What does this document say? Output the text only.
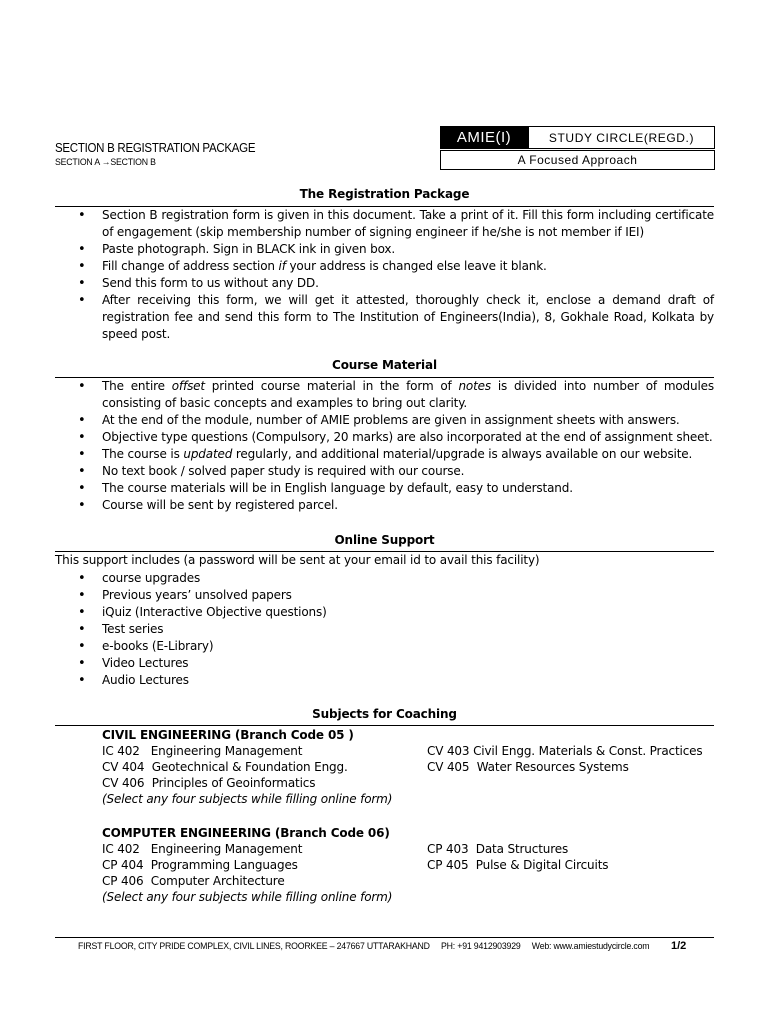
SECTION B REGISTRATION PACKAGE
SECTION A →SECTION B
AMIE(I)	STUDY CIRCLE(REGD.)
A Focused Approach
The Registration Package
• Section B registration form is given in this document. Take a print of it. Fill this form including certificate of engagement (skip membership number of signing engineer if he/she is not member if IEI)
• Paste photograph. Sign in BLACK ink in given box.
• Fill change of address section if your address is changed else leave it blank.
• Send this form to us without any DD.
• After receiving this form, we will get it attested, thoroughly check it, enclose a demand draft of registration fee and send this form to The Institution of Engineers(India), 8, Gokhale Road, Kolkata by speed post.
Course Material
• The entire offset printed course material in the form of notes is divided into number of modules consisting of basic concepts and examples to bring out clarity.
• At the end of the module, number of AMIE problems are given in assignment sheets with answers.
• Objective type questions (Compulsory, 20 marks) are also incorporated at the end of assignment sheet.
• The course is updated regularly, and additional material/upgrade is always available on our website.
• No text book / solved paper study is required with our course.
• The course materials will be in English language by default, easy to understand.
• Course will be sent by registered parcel.
Online Support
This support includes (a password will be sent at your email id to avail this facility)
• course upgrades
• Previous years’ unsolved papers
• iQuiz (Interactive Objective questions)
• Test series
• e-books (E-Library)
• Video Lectures
• Audio Lectures
Subjects for Coaching
CIVIL ENGINEERING (Branch Code 05 )
IC 402   Engineering Management
CV 404  Geotechnical & Foundation Engg.
CV 406  Principles of Geoinformatics
CV 403 Civil Engg. Materials & Const. Practices
CV 405  Water Resources Systems
(Select any four subjects while filling online form)
COMPUTER ENGINEERING (Branch Code 06)
IC 402   Engineering Management
CP 404  Programming Languages
CP 406  Computer Architecture
CP 403  Data Structures
CP 405  Pulse & Digital Circuits
(Select any four subjects while filling online form)
FIRST FLOOR, CITY PRIDE COMPLEX, CIVIL LINES, ROORKEE – 247667 UTTARAKHAND PH: +91 9412903929 Web: www.amiestudycircle.com 1/2
